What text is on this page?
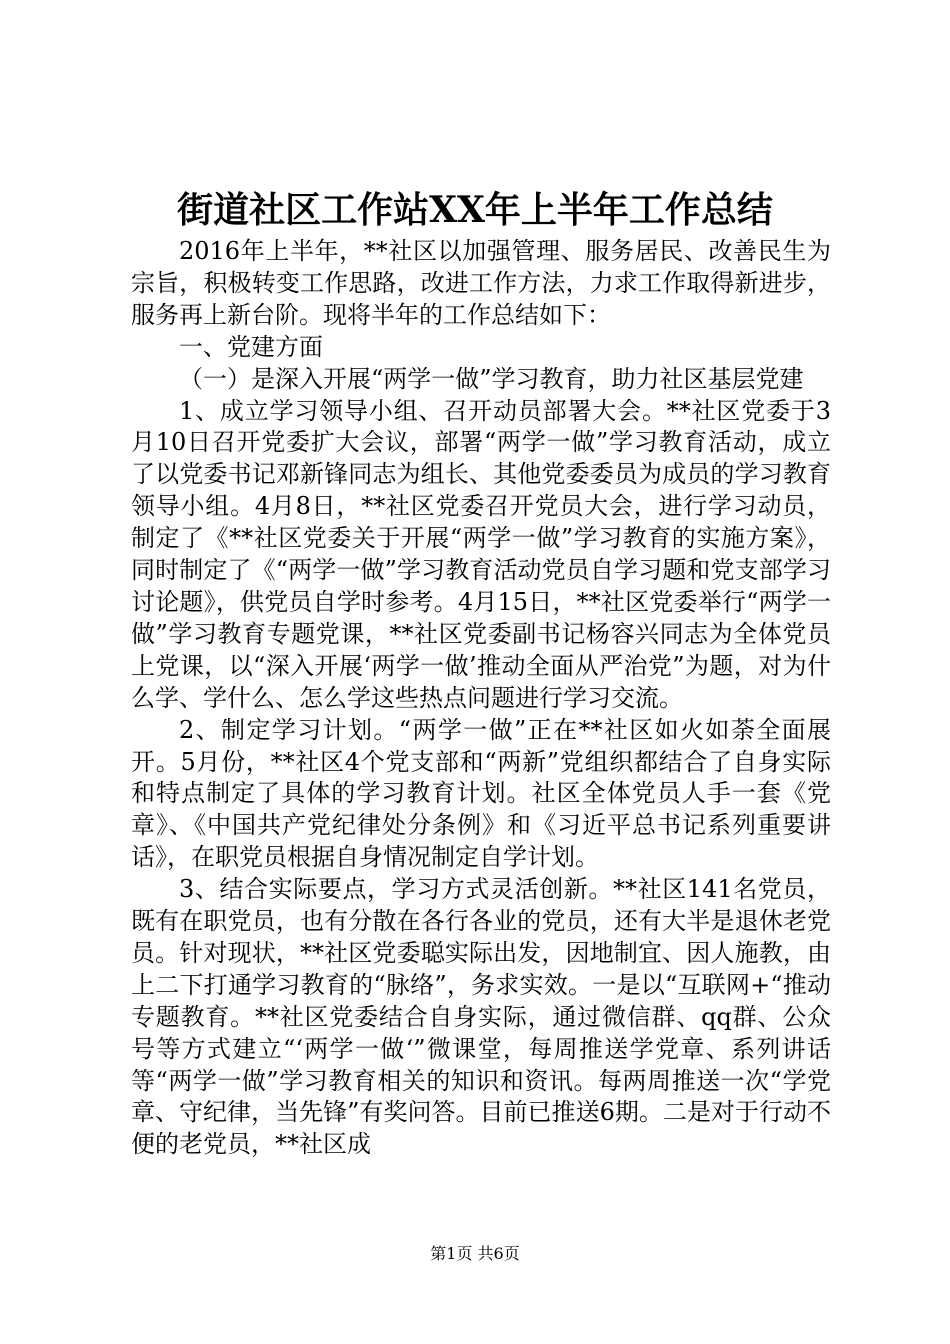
街道社区工作站XX年上半年工作总结

2016年上半年，**社区以加强管理、服务居民、改善民生为宗旨，积极转变工作思路，改进工作方法，力求工作取得新进步，服务再上新台阶。现将半年的工作总结如下：

一、党建方面

（一）是深入开展“两学一做”学习教育，助力社区基层党建

1、成立学习领导小组、召开动员部署大会。**社区党委于3月10日召开党委扩大会议，部署“两学一做”学习教育活动，成立了以党委书记邓新锋同志为组长、其他党委委员为成员的学习教育领导小组。4月8日，**社区党委召开党员大会，进行学习动员，制定了《**社区党委关于开展“两学一做”学习教育的实施方案》，同时制定了《“两学一做”学习教育活动党员自学习题和党支部学习讨论题》，供党员自学时参考。4月15日，**社区党委举行“两学一做”学习教育专题党课，**社区党委副书记杨容兴同志为全体党员上党课，以“深入开展‘两学一做’推动全面从严治党”为题，对为什么学、学什么、怎么学这些热点问题进行学习交流。

2、制定学习计划。“两学一做”正在**社区如火如荼全面展开。5月份，**社区4个党支部和“两新”党组织都结合了自身实际和特点制定了具体的学习教育计划。社区全体党员人手一套《党章》、《中国共产党纪律处分条例》和《习近平总书记系列重要讲话》，在职党员根据自身情况制定自学计划。

3、结合实际要点，学习方式灵活创新。**社区141名党员，既有在职党员，也有分散在各行各业的党员，还有大半是退休老党员。针对现状，**社区党委聪实际出发，因地制宜、因人施教，由上二下打通学习教育的“脉络”，务求实效。一是以“互联网+“推动专题教育。**社区党委结合自身实际，通过微信群、qq群、公众号等方式建立“‘两学一做‘”微课堂，每周推送学党章、系列讲话等“两学一做”学习教育相关的知识和资讯。每两周推送一次“学党章、守纪律，当先锋”有奖问答。目前已推送6期。二是对于行动不便的老党员，**社区成

第1页 共6页
